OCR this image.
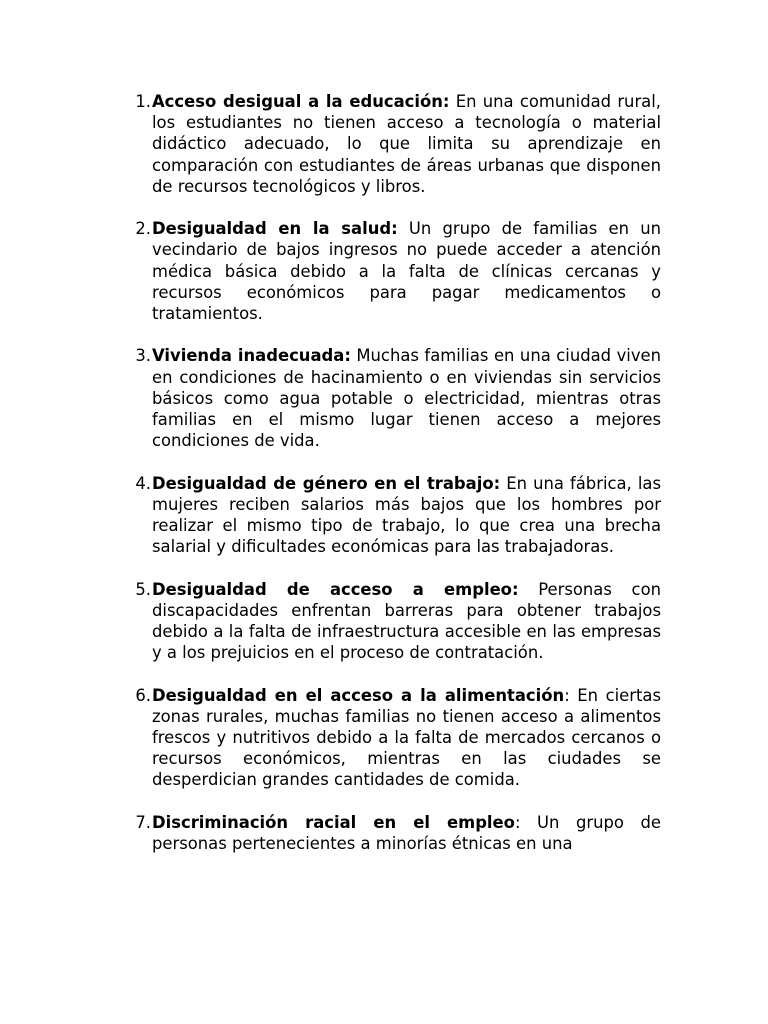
1. Acceso desigual a la educación: En una comunidad rural, los estudiantes no tienen acceso a tecnología o material didáctico adecuado, lo que limita su aprendizaje en comparación con estudiantes de áreas urbanas que disponen de recursos tecnológicos y libros.
2. Desigualdad en la salud: Un grupo de familias en un vecindario de bajos ingresos no puede acceder a atención médica básica debido a la falta de clínicas cercanas y recursos económicos para pagar medicamentos o tratamientos.
3. Vivienda inadecuada: Muchas familias en una ciudad viven en condiciones de hacinamiento o en viviendas sin servicios básicos como agua potable o electricidad, mientras otras familias en el mismo lugar tienen acceso a mejores condiciones de vida.
4. Desigualdad de género en el trabajo: En una fábrica, las mujeres reciben salarios más bajos que los hombres por realizar el mismo tipo de trabajo, lo que crea una brecha salarial y dificultades económicas para las trabajadoras.
5. Desigualdad de acceso a empleo: Personas con discapacidades enfrentan barreras para obtener trabajos debido a la falta de infraestructura accesible en las empresas y a los prejuicios en el proceso de contratación.
6. Desigualdad en el acceso a la alimentación: En ciertas zonas rurales, muchas familias no tienen acceso a alimentos frescos y nutritivos debido a la falta de mercados cercanos o recursos económicos, mientras en las ciudades se desperdician grandes cantidades de comida.
7. Discriminación racial en el empleo: Un grupo de personas pertenecientes a minorías étnicas en una
